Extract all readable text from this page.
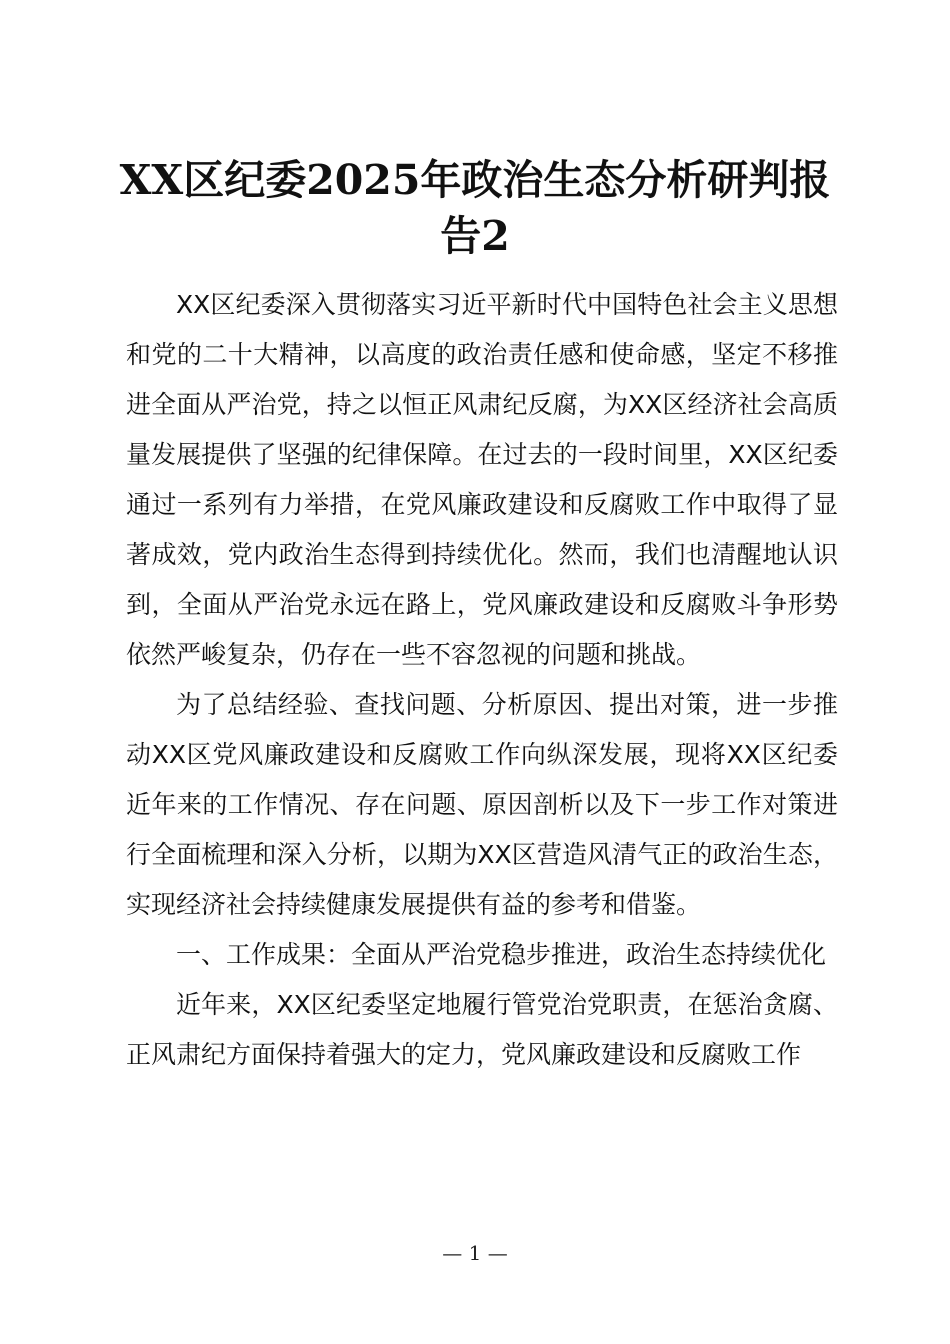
XX区纪委2025年政治生态分析研判报告2

XX区纪委深入贯彻落实习近平新时代中国特色社会主义思想和党的二十大精神，以高度的政治责任感和使命感，坚定不移推进全面从严治党，持之以恒正风肃纪反腐，为XX区经济社会高质量发展提供了坚强的纪律保障。在过去的一段时间里，XX区纪委通过一系列有力举措，在党风廉政建设和反腐败工作中取得了显著成效，党内政治生态得到持续优化。然而，我们也清醒地认识到，全面从严治党永远在路上，党风廉政建设和反腐败斗争形势依然严峻复杂，仍存在一些不容忽视的问题和挑战。

为了总结经验、查找问题、分析原因、提出对策，进一步推动XX区党风廉政建设和反腐败工作向纵深发展，现将XX区纪委近年来的工作情况、存在问题、原因剖析以及下一步工作对策进行全面梳理和深入分析，以期为XX区营造风清气正的政治生态，实现经济社会持续健康发展提供有益的参考和借鉴。

一、工作成果：全面从严治党稳步推进，政治生态持续优化

近年来，XX区纪委坚定地履行管党治党职责，在惩治贪腐、正风肃纪方面保持着强大的定力，党风廉政建设和反腐败工作

— 1 —
